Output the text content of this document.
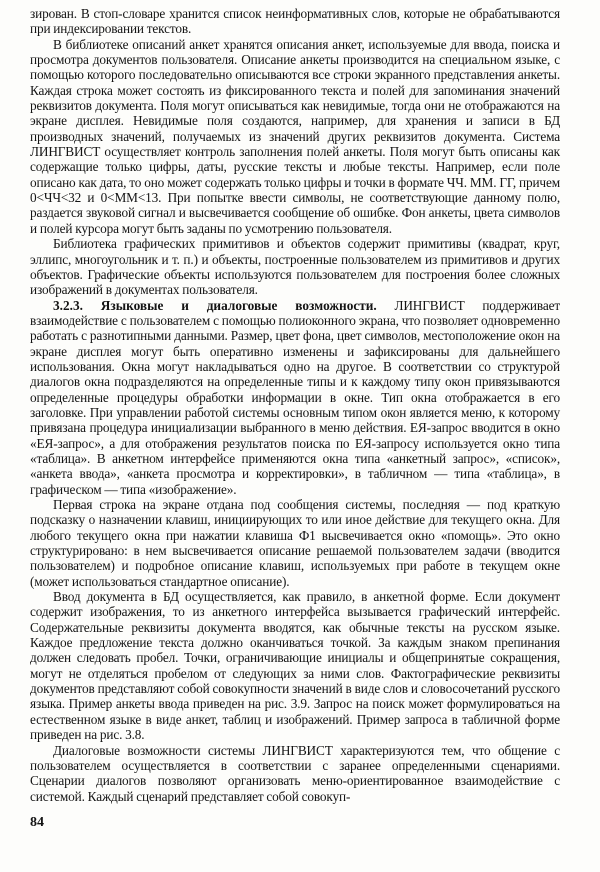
зирован. В стоп-словаре хранится список неинформативных слов, которые не обрабатываются при индексировании текстов.

В библиотеке описаний анкет хранятся описания анкет, используемые для ввода, поиска и просмотра документов пользователя. Описание анкеты производится на специальном языке, с помощью которого последовательно описываются все строки экранного представления анкеты. Каждая строка может состоять из фиксированного текста и полей для запоминания значений реквизитов документа. Поля могут описываться как невидимые, тогда они не отображаются на экране дисплея. Невидимые поля создаются, например, для хранения и записи в БД производных значений, получаемых из значений других реквизитов документа. Система ЛИНГВИСТ осуществляет контроль заполнения полей анкеты. Поля могут быть описаны как содержащие только цифры, даты, русские тексты и любые тексты. Например, если поле описано как дата, то оно может содержать только цифры и точки в формате ЧЧ. ММ. ГГ, причем 0<ЧЧ<32 и 0<ММ<13. При попытке ввести символы, не соответствующие данному полю, раздается звуковой сигнал и высвечивается сообщение об ошибке. Фон анкеты, цвета символов и полей курсора могут быть заданы по усмотрению пользователя.

Библиотека графических примитивов и объектов содержит примитивы (квадрат, круг, эллипс, многоугольник и т. п.) и объекты, построенные пользователем из примитивов и других объектов. Графические объекты используются пользователем для построения более сложных изображений в документах пользователя.

3.2.3. Языковые и диалоговые возможности. ЛИНГВИСТ поддерживает взаимодействие с пользователем с помощью полиоконного экрана, что позволяет одновременно работать с разнотипными данными. Размер, цвет фона, цвет символов, местоположение окон на экране дисплея могут быть оперативно изменены и зафиксированы для дальнейшего использования. Окна могут накладываться одно на другое. В соответствии со структурой диалогов окна подразделяются на определенные типы и к каждому типу окон привязываются определенные процедуры обработки информации в окне. Тип окна отображается в его заголовке. При управлении работой системы основным типом окон является меню, к которому привязана процедура инициализации выбранного в меню действия. ЕЯ-запрос вводится в окно «ЕЯ-запрос», а для отображения результатов поиска по ЕЯ-запросу используется окно типа «таблица». В анкетном интерфейсе применяются окна типа «анкетный запрос», «список», «анкета ввода», «анкета просмотра и корректировки», в табличном — типа «таблица», в графическом — типа «изображение».

Первая строка на экране отдана под сообщения системы, последняя — под краткую подсказку о назначении клавиш, инициирующих то или иное действие для текущего окна. Для любого текущего окна при нажатии клавиша Ф1 высвечивается окно «помощь». Это окно структурировано: в нем высвечивается описание решаемой пользователем задачи (вводится пользователем) и подробное описание клавиш, используемых при работе в текущем окне (может использоваться стандартное описание).

Ввод документа в БД осуществляется, как правило, в анкетной форме. Если документ содержит изображения, то из анкетного интерфейса вызывается графический интерфейс. Содержательные реквизиты документа вводятся, как обычные тексты на русском языке. Каждое предложение текста должно оканчиваться точкой. За каждым знаком препинания должен следовать пробел. Точки, ограничивающие инициалы и общепринятые сокращения, могут не отделяться пробелом от следующих за ними слов. Фактографические реквизиты документов представляют собой совокупности значений в виде слов и словосочетаний русского языка. Пример анкеты ввода приведен на рис. 3.9. Запрос на поиск может формулироваться на естественном языке в виде анкет, таблиц и изображений. Пример запроса в табличной форме приведен на рис. 3.8.

Диалоговые возможности системы ЛИНГВИСТ характеризуются тем, что общение с пользователем осуществляется в соответствии с заранее определенными сценариями. Сценарии диалогов позволяют организовать меню-ориентированное взаимодействие с системой. Каждый сценарий представляет собой совокуп-

84
